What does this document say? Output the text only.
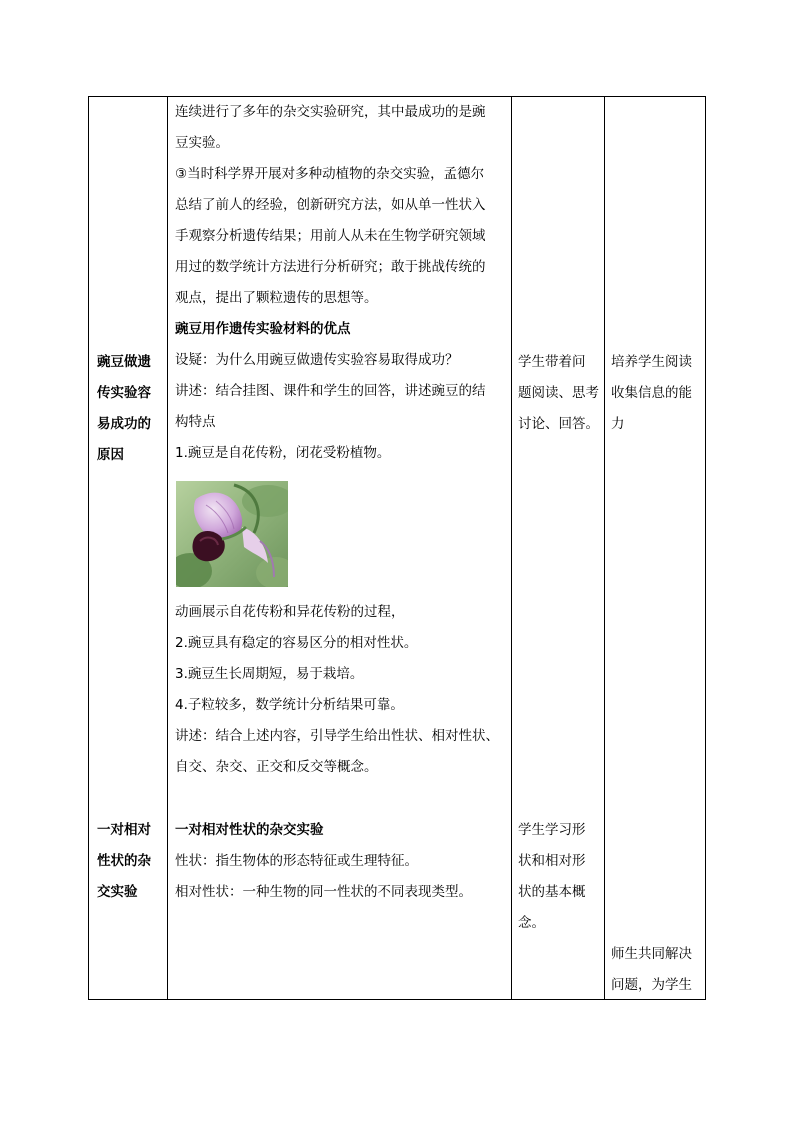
豌豆做遗
传实验容
易成功的
原因
一对相对
性状的杂
交实验
连续进行了多年的杂交实验研究，其中最成功的是豌
豆实验。
③当时科学界开展对多种动植物的杂交实验，孟德尔
总结了前人的经验，创新研究方法，如从单一性状入
手观察分析遗传结果；用前人从未在生物学研究领域
用过的数学统计方法进行分析研究；敢于挑战传统的
观点，提出了颗粒遗传的思想等。
豌豆用作遗传实验材料的优点
设疑：为什么用豌豆做遗传实验容易取得成功？
讲述：结合挂图、课件和学生的回答，讲述豌豆的结
构特点
1.豌豆是自花传粉，闭花受粉植物。
动画展示自花传粉和异花传粉的过程，
2.豌豆具有稳定的容易区分的相对性状。
3.豌豆生长周期短，易于栽培。
4.子粒较多，数学统计分析结果可靠。
讲述：结合上述内容，引导学生给出性状、相对性状、
自交、杂交、正交和反交等概念。
一对相对性状的杂交实验
性状：指生物体的形态特征或生理特征。
相对性状：一种生物的同一性状的不同表现类型。
学生带着问
题阅读、思考
讨论、回答。
学生学习形
状和相对形
状的基本概
念。
培养学生阅读
收集信息的能
力
师生共同解决
问题，为学生
